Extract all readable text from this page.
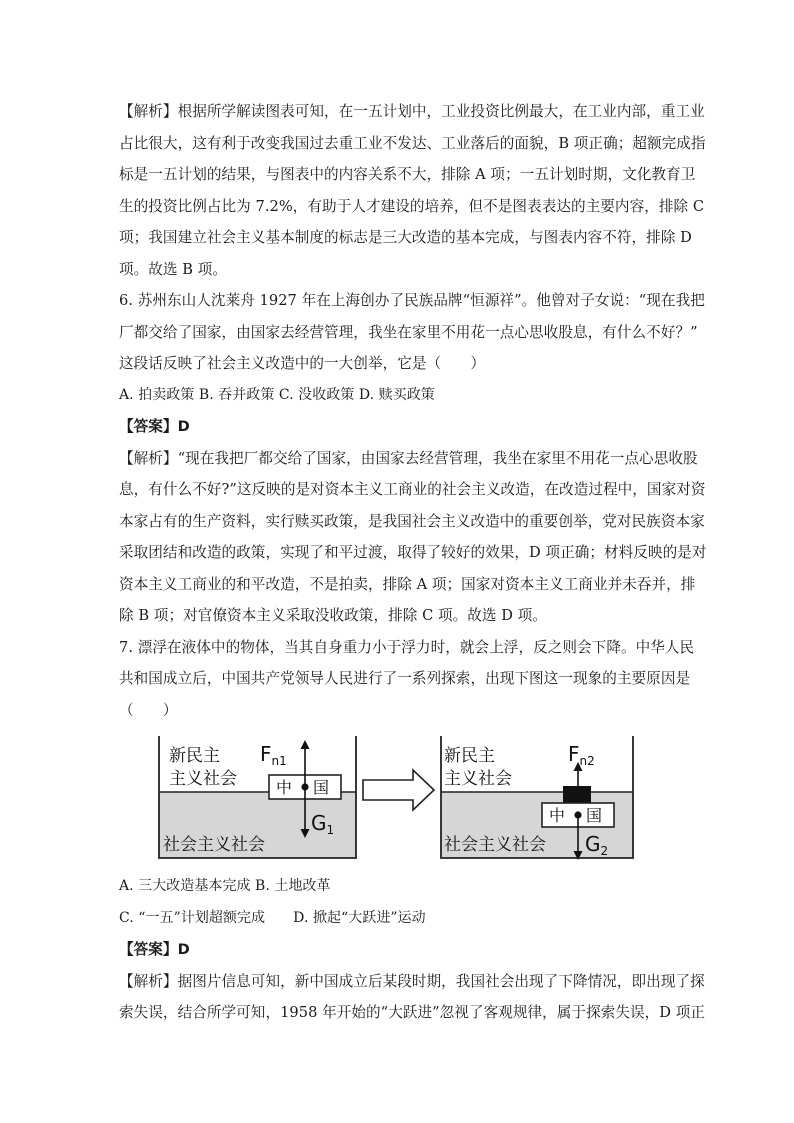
【解析】根据所学解读图表可知，在一五计划中，工业投资比例最大，在工业内部，重工业
占比很大，这有利于改变我国过去重工业不发达、工业落后的面貌，B 项正确；超额完成指
标是一五计划的结果，与图表中的内容关系不大，排除 A 项；一五计划时期，文化教育卫
生的投资比例占比为 7.2%，有助于人才建设的培养，但不是图表表达的主要内容，排除 C
项；我国建立社会主义基本制度的标志是三大改造的基本完成，与图表内容不符，排除 D
项。故选 B 项。
6. 苏州东山人沈莱舟 1927 年在上海创办了民族品牌“恒源祥”。他曾对子女说：“现在我把
厂都交给了国家，由国家去经营管理，我坐在家里不用花一点心思收股息，有什么不好？”
这段话反映了社会主义改造中的一大创举，它是（　　）
A. 拍卖政策 B. 吞并政策 C. 没收政策 D. 赎买政策
【答案】D
【解析】“现在我把厂都交给了国家，由国家去经营管理，我坐在家里不用花一点心思收股
息，有什么不好?”这反映的是对资本主义工商业的社会主义改造，在改造过程中，国家对资
本家占有的生产资料，实行赎买政策，是我国社会主义改造中的重要创举，党对民族资本家
采取团结和改造的政策，实现了和平过渡，取得了较好的效果，D 项正确；材料反映的是对
资本主义工商业的和平改造，不是拍卖，排除 A 项；国家对资本主义工商业并未吞并，排
除 B 项；对官僚资本主义采取没收政策，排除 C 项。故选 D 项。
7. 漂浮在液体中的物体，当其自身重力小于浮力时，就会上浮，反之则会下降。中华人民
共和国成立后，中国共产党领导人民进行了一系列探索，出现下图这一现象的主要原因是
（　　）
新民主
主义社会
社会主义社会
中 国
$F_{n1}$
$G_1$
新民主
主义社会
社会主义社会
中 国
$F_{n2}$
$G_2$
A. 三大改造基本完成 B. 土地改革
C. “一五”计划超额完成　　D. 掀起“大跃进”运动
【答案】D
【解析】据图片信息可知，新中国成立后某段时期，我国社会出现了下降情况，即出现了探
索失误，结合所学可知，1958 年开始的“大跃进”忽视了客观规律，属于探索失误，D 项正
